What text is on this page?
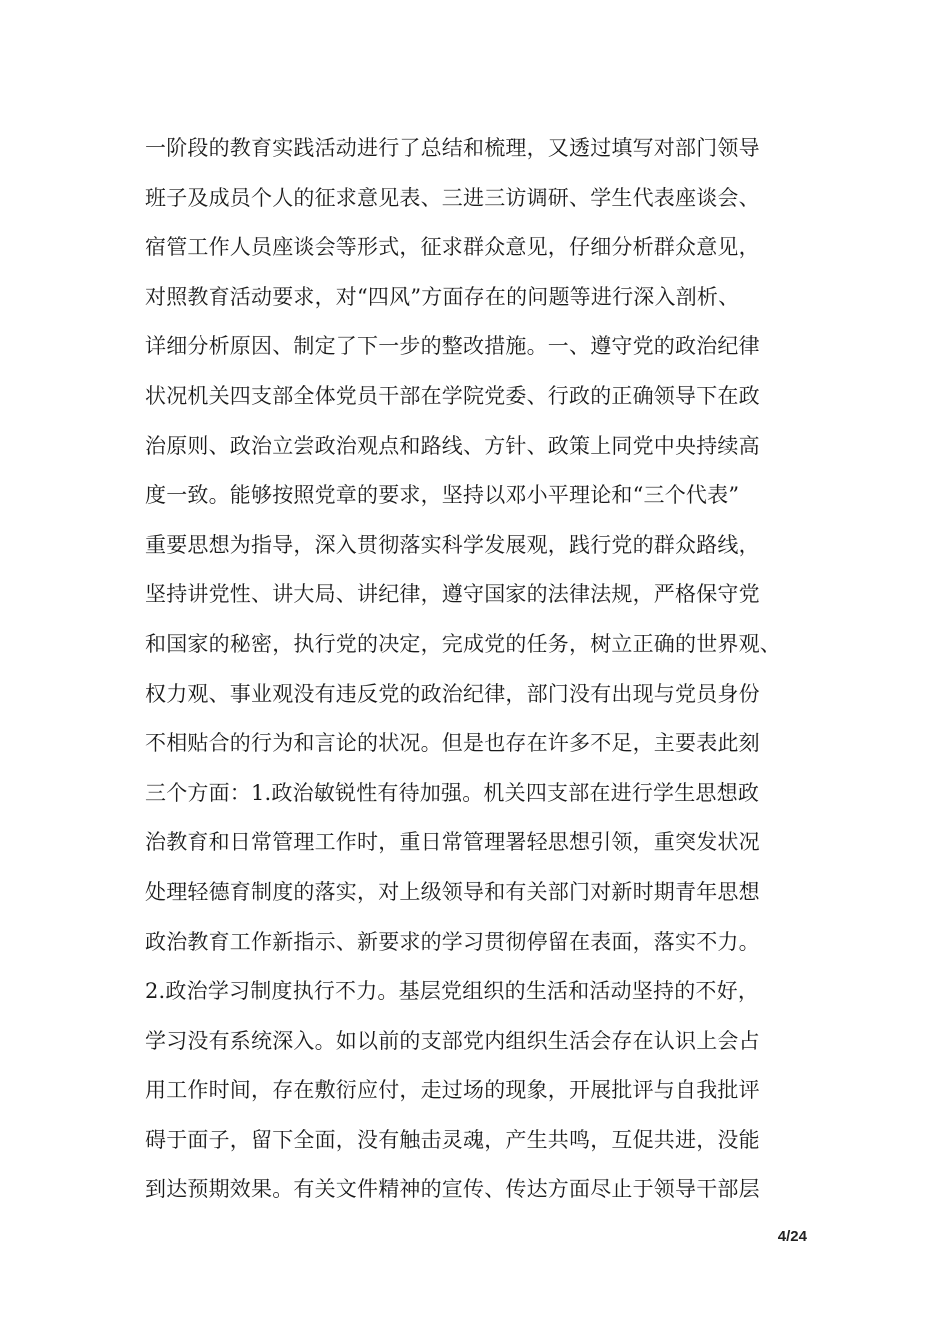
一阶段的教育实践活动进行了总结和梳理，又透过填写对部门领导
班子及成员个人的征求意见表、三进三访调研、学生代表座谈会、
宿管工作人员座谈会等形式，征求群众意见，仔细分析群众意见，
对照教育活动要求，对“四风”方面存在的问题等进行深入剖析、
详细分析原因、制定了下一步的整改措施。一、遵守党的政治纪律
状况机关四支部全体党员干部在学院党委、行政的正确领导下在政
治原则、政治立尝政治观点和路线、方针、政策上同党中央持续高
度一致。能够按照党章的要求，坚持以邓小平理论和“三个代表”
重要思想为指导，深入贯彻落实科学发展观，践行党的群众路线，
坚持讲党性、讲大局、讲纪律，遵守国家的法律法规，严格保守党
和国家的秘密，执行党的决定，完成党的任务，树立正确的世界观、
权力观、事业观没有违反党的政治纪律，部门没有出现与党员身份
不相贴合的行为和言论的状况。但是也存在许多不足，主要表此刻
三个方面：1.政治敏锐性有待加强。机关四支部在进行学生思想政
治教育和日常管理工作时，重日常管理署轻思想引领，重突发状况
处理轻德育制度的落实，对上级领导和有关部门对新时期青年思想
政治教育工作新指示、新要求的学习贯彻停留在表面，落实不力。
2.政治学习制度执行不力。基层党组织的生活和活动坚持的不好，
学习没有系统深入。如以前的支部党内组织生活会存在认识上会占
用工作时间，存在敷衍应付，走过场的现象，开展批评与自我批评
碍于面子，留下全面，没有触击灵魂，产生共鸣，互促共进，没能
到达预期效果。有关文件精神的宣传、传达方面尽止于领导干部层
4/24
